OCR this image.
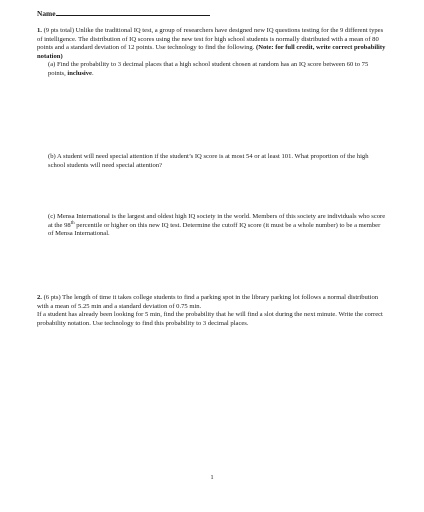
Name

1. (9 pts total) Unlike the traditional IQ test, a group of researchers have designed new IQ questions testing for the 9 different types of intelligence. The distribution of IQ scores using the new test for high school students is normally distributed with a mean of 80 points and a standard deviation of 12 points. Use technology to find the following. (Note: for full credit, write correct probability notation)

(a) Find the probability to 3 decimal places that a high school student chosen at random has an IQ score between 60 to 75 points, inclusive.

(b) A student will need special attention if the student’s IQ score is at most 54 or at least 101. What proportion of the high school students will need special attention?

(c) Mensa International is the largest and oldest high IQ society in the world. Members of this society are individuals who score at the 98th percentile or higher on this new IQ test. Determine the cutoff IQ score (it must be a whole number) to be a member of Mensa International.

2. (6 pts) The length of time it takes college students to find a parking spot in the library parking lot follows a normal distribution with a mean of 5.25 min and a standard deviation of 0.75 min.

If a student has already been looking for 5 min, find the probability that he will find a slot during the next minute. Write the correct probability notation. Use technology to find this probability to 3 decimal places.

1
